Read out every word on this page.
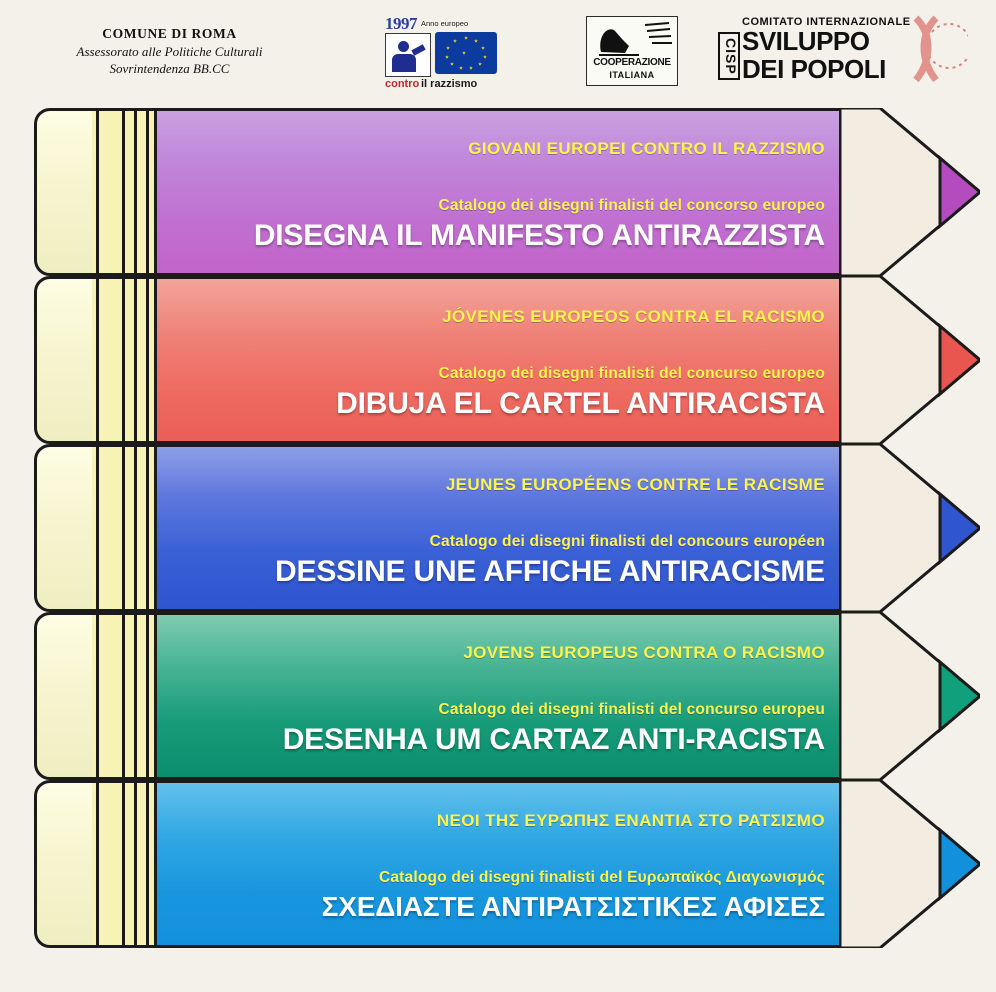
COMUNE DI ROMA
Assessorato alle Politiche Culturali
Sovrintendenza BB.CC
1997 Anno europeo
contro il razzismo
COOPERAZIONE
ITALIANA
CISP
COMITATO INTERNAZIONALE
SVILUPPO
DEI POPOLI
GIOVANI EUROPEI CONTRO IL RAZZISMO
Catalogo dei disegni finalisti del concorso europeo
DISEGNA IL MANIFESTO ANTIRAZZISTA
JÓVENES EUROPEOS CONTRA EL RACISMO
Catalogo dei disegni finalisti del concurso europeo
DIBUJA EL CARTEL ANTIRACISTA
JEUNES EUROPÉENS CONTRE LE RACISME
Catalogo dei disegni finalisti del concours européen
DESSINE UNE AFFICHE ANTIRACISME
JOVENS EUROPEUS CONTRA O RACISMO
Catalogo dei disegni finalisti del concurso europeu
DESENHA UM CARTAZ ANTI-RACISTA
ΝΕΟΙ ΤΗΣ ΕΥΡΩΠΗΣ ΕΝΑΝΤΙΑ ΣΤΟ ΡΑΤΣΙΣΜΟ
Catalogo dei disegni finalisti del Ευρωπαϊκός Διαγωνισμός
ΣΧΕΔΙΑΣΤΕ ΑΝΤΙΡΑΤΣΙΣΤΙΚΕΣ ΑΦΙΣΕΣ
